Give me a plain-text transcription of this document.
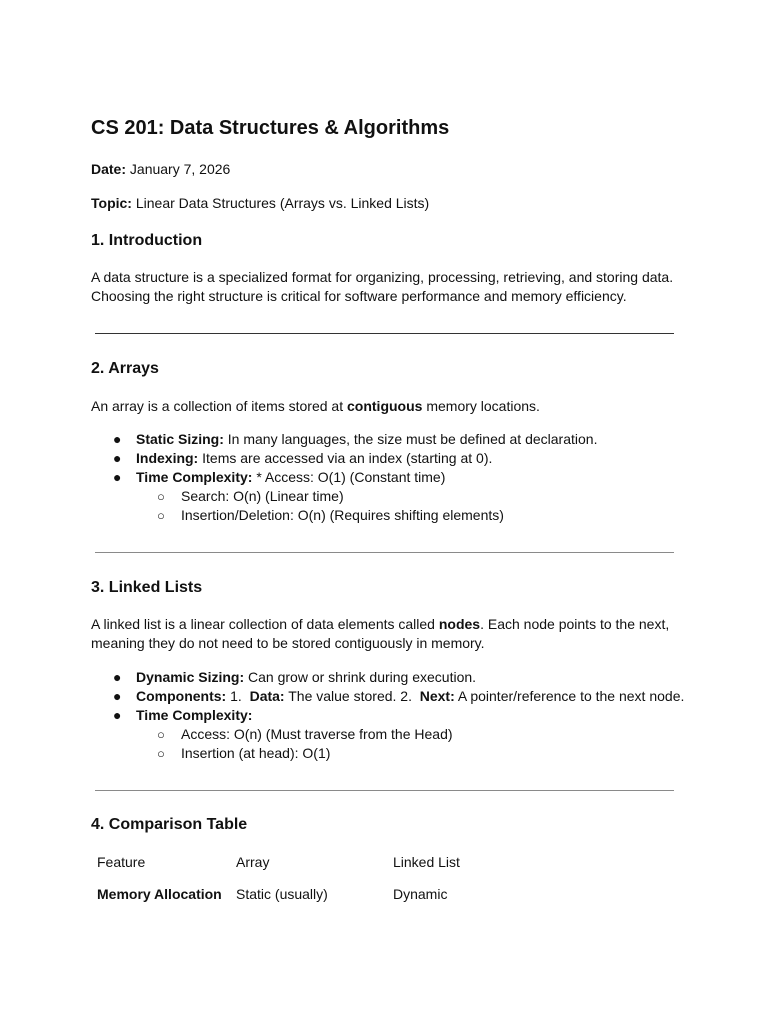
CS 201: Data Structures & Algorithms

Date: January 7, 2026

Topic: Linear Data Structures (Arrays vs. Linked Lists)

1. Introduction

A data structure is a specialized format for organizing, processing, retrieving, and storing data.
Choosing the right structure is critical for software performance and memory efficiency.

2. Arrays

An array is a collection of items stored at contiguous memory locations.

● Static Sizing: In many languages, the size must be defined at declaration.
● Indexing: Items are accessed via an index (starting at 0).
● Time Complexity: * Access: O(1) (Constant time)
○ Search: O(n) (Linear time)
○ Insertion/Deletion: O(n) (Requires shifting elements)
3. Linked Lists

A linked list is a linear collection of data elements called nodes. Each node points to the next,
meaning they do not need to be stored contiguously in memory.

● Dynamic Sizing: Can grow or shrink during execution.
● Components: 1.  Data: The value stored. 2.  Next: A pointer/reference to the next node.
● Time Complexity:
○ Access: O(n) (Must traverse from the Head)
○ Insertion (at head): O(1)
4. Comparison Table
Feature	Array	Linked List
Memory Allocation	Static (usually)	Dynamic
